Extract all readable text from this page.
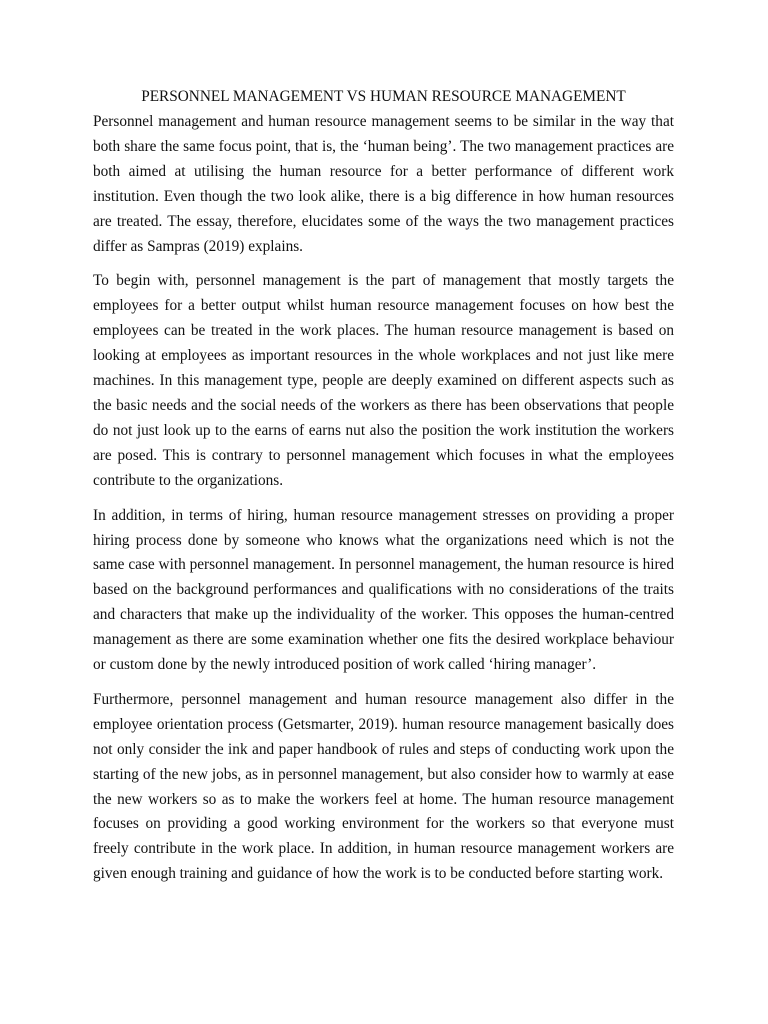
PERSONNEL MANAGEMENT VS HUMAN RESOURCE MANAGEMENT

Personnel management and human resource management seems to be similar in the way that both share the same focus point, that is, the ‘human being’. The two management practices are both aimed at utilising the human resource for a better performance of different work institution. Even though the two look alike, there is a big difference in how human resources are treated. The essay, therefore, elucidates some of the ways the two management practices differ as Sampras (2019) explains.

To begin with, personnel management is the part of management that mostly targets the employees for a better output whilst human resource management focuses on how best the employees can be treated in the work places. The human resource management is based on looking at employees as important resources in the whole workplaces and not just like mere machines. In this management type, people are deeply examined on different aspects such as the basic needs and the social needs of the workers as there has been observations that people do not just look up to the earns of earns nut also the position the work institution the workers are posed. This is contrary to personnel management which focuses in what the employees contribute to the organizations.

In addition, in terms of hiring, human resource management stresses on providing a proper hiring process done by someone who knows what the organizations need which is not the same case with personnel management. In personnel management, the human resource is hired based on the background performances and qualifications with no considerations of the traits and characters that make up the individuality of the worker. This opposes the human-centred management as there are some examination whether one fits the desired workplace behaviour or custom done by the newly introduced position of work called ‘hiring manager’.

Furthermore, personnel management and human resource management also differ in the employee orientation process (Getsmarter, 2019). human resource management basically does not only consider the ink and paper handbook of rules and steps of conducting work upon the starting of the new jobs, as in personnel management, but also consider how to warmly at ease the new workers so as to make the workers feel at home. The human resource management focuses on providing a good working environment for the workers so that everyone must freely contribute in the work place. In addition, in human resource management workers are given enough training and guidance of how the work is to be conducted before starting work.
